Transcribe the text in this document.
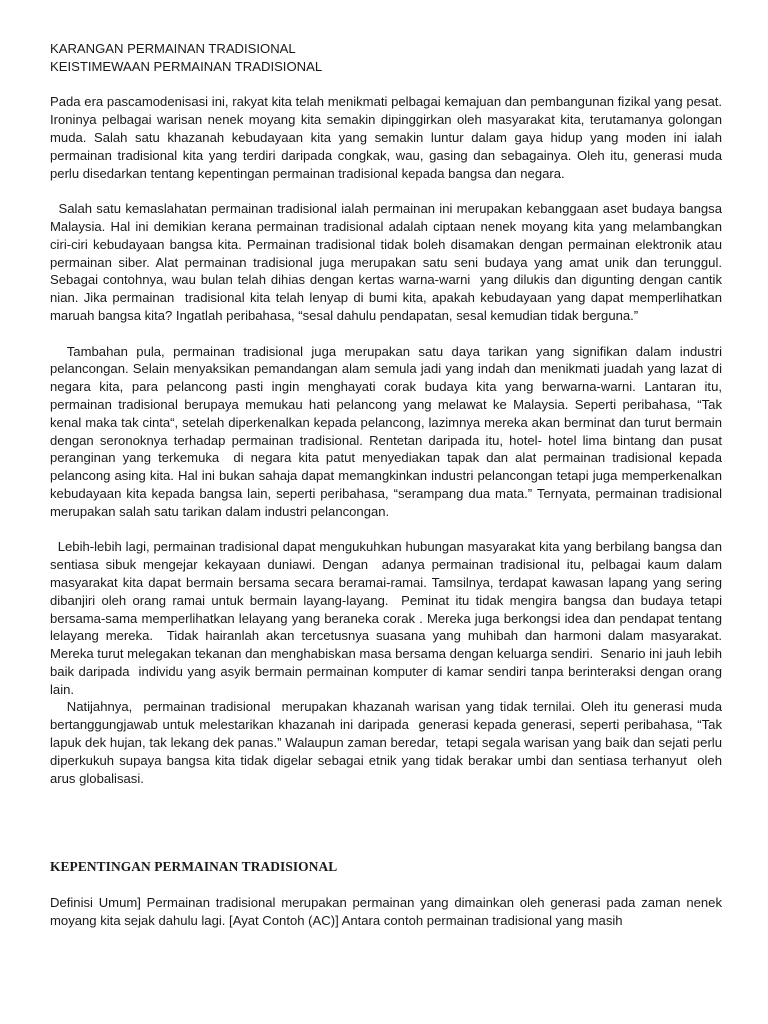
KARANGAN PERMAINAN TRADISIONAL

KEISTIMEWAAN PERMAINAN TRADISIONAL

Pada era pascamodenisasi ini, rakyat kita telah menikmati pelbagai kemajuan dan pembangunan fizikal yang pesat. Ironinya pelbagai warisan nenek moyang kita semakin dipinggirkan oleh masyarakat kita, terutamanya golongan muda. Salah satu khazanah kebudayaan kita yang semakin luntur dalam gaya hidup yang moden ini ialah permainan tradisional kita yang terdiri daripada congkak, wau, gasing dan sebagainya. Oleh itu, generasi muda perlu disedarkan tentang kepentingan permainan tradisional kepada bangsa dan negara.

Salah satu kemaslahatan permainan tradisional ialah permainan ini merupakan kebanggaan aset budaya bangsa Malaysia. Hal ini demikian kerana permainan tradisional adalah ciptaan nenek moyang kita yang melambangkan ciri-ciri kebudayaan bangsa kita. Permainan tradisional tidak boleh disamakan dengan permainan elektronik atau permainan siber. Alat permainan tradisional juga merupakan satu seni budaya yang amat unik dan terunggul.  Sebagai contohnya, wau bulan telah dihias dengan kertas warna-warni  yang dilukis dan digunting dengan cantik nian. Jika permainan  tradisional kita telah lenyap di bumi kita, apakah kebudayaan yang dapat memperlihatkan maruah bangsa kita? Ingatlah peribahasa, “sesal dahulu pendapatan, sesal kemudian tidak berguna.”

Tambahan pula, permainan tradisional juga merupakan satu daya tarikan yang signifikan dalam industri pelancongan. Selain menyaksikan pemandangan alam semula jadi yang indah dan menikmati juadah yang lazat di negara kita, para pelancong pasti ingin menghayati corak budaya kita yang berwarna-warni. Lantaran itu, permainan tradisional berupaya memukau hati pelancong yang melawat ke Malaysia. Seperti peribahasa, “Tak kenal maka tak cinta“, setelah diperkenalkan kepada pelancong, lazimnya mereka akan berminat dan turut bermain dengan seronoknya terhadap permainan tradisional. Rentetan daripada itu, hotel- hotel lima bintang dan pusat peranginan yang terkemuka  di negara kita patut menyediakan tapak dan alat permainan tradisional kepada pelancong asing kita. Hal ini bukan sahaja dapat memangkinkan industri pelancongan tetapi juga memperkenalkan kebudayaan kita kepada bangsa lain, seperti peribahasa, “serampang dua mata.” Ternyata, permainan tradisional merupakan salah satu tarikan dalam industri pelancongan.

Lebih-lebih lagi, permainan tradisional dapat mengukuhkan hubungan masyarakat kita yang berbilang bangsa dan sentiasa sibuk mengejar kekayaan duniawi. Dengan  adanya permainan tradisional itu, pelbagai kaum dalam masyarakat kita dapat bermain bersama secara beramai-ramai. Tamsilnya, terdapat kawasan lapang yang sering dibanjiri oleh orang ramai untuk bermain layang-layang.  Peminat itu tidak mengira bangsa dan budaya tetapi bersama-sama memperlihatkan lelayang yang beraneka corak . Mereka juga berkongsi idea dan pendapat tentang lelayang mereka.  Tidak hairanlah akan tercetusnya suasana yang muhibah dan harmoni dalam masyarakat. Mereka turut melegakan tekanan dan menghabiskan masa bersama dengan keluarga sendiri.  Senario ini jauh lebih baik daripada  individu yang asyik bermain permainan komputer di kamar sendiri tanpa berinteraksi dengan orang lain.

Natijahnya,  permainan tradisional  merupakan khazanah warisan yang tidak ternilai. Oleh itu generasi muda bertanggungjawab untuk melestarikan khazanah ini daripada  generasi kepada generasi, seperti peribahasa, “Tak lapuk dek hujan, tak lekang dek panas.” Walaupun zaman beredar,  tetapi segala warisan yang baik dan sejati perlu diperkukuh supaya bangsa kita tidak digelar sebagai etnik yang tidak berakar umbi dan sentiasa terhanyut  oleh arus globalisasi.

KEPENTINGAN PERMAINAN TRADISIONAL

Definisi Umum] Permainan tradisional merupakan permainan yang dimainkan oleh generasi pada zaman nenek moyang kita sejak dahulu lagi. [Ayat Contoh (AC)] Antara contoh permainan tradisional yang masih
